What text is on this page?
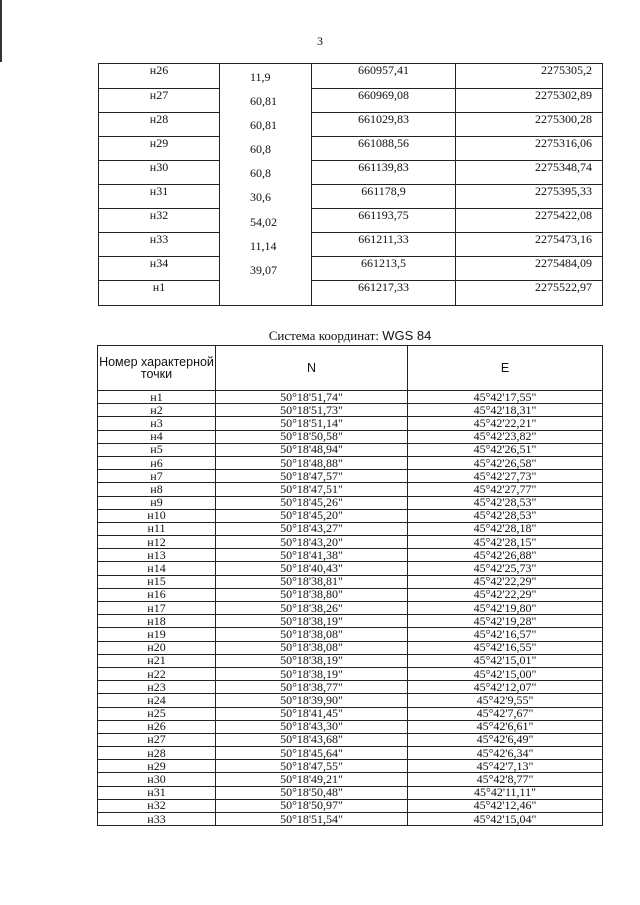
3
н26	11,9	660957,41	2275305,2
н27	60,81	660969,08	2275302,89
н28	60,81	661029,83	2275300,28
н29	60,8	661088,56	2275316,06
н30	60,8	661139,83	2275348,74
н31	30,6	661178,9	2275395,33
н32	54,02	661193,75	2275422,08
н33	11,14	661211,33	2275473,16
н34	39,07	661213,5	2275484,09
н1		661217,33	2275522,97
Система координат: WGS 84
Номер характерной точки	N	E
н1	50°18'51,74"	45°42'17,55"
н2	50°18'51,73"	45°42'18,31"
н3	50°18'51,14"	45°42'22,21"
н4	50°18'50,58"	45°42'23,82"
н5	50°18'48,94"	45°42'26,51"
н6	50°18'48,88"	45°42'26,58"
н7	50°18'47,57"	45°42'27,73"
н8	50°18'47,51"	45°42'27,77"
н9	50°18'45,26"	45°42'28,53"
н10	50°18'45,20"	45°42'28,53"
н11	50°18'43,27"	45°42'28,18"
н12	50°18'43,20"	45°42'28,15"
н13	50°18'41,38"	45°42'26,88"
н14	50°18'40,43"	45°42'25,73"
н15	50°18'38,81"	45°42'22,29"
н16	50°18'38,80"	45°42'22,29"
н17	50°18'38,26"	45°42'19,80"
н18	50°18'38,19"	45°42'19,28"
н19	50°18'38,08"	45°42'16,57"
н20	50°18'38,08"	45°42'16,55"
н21	50°18'38,19"	45°42'15,01"
н22	50°18'38,19"	45°42'15,00"
н23	50°18'38,77"	45°42'12,07"
н24	50°18'39,90"	45°42'9,55"
н25	50°18'41,45"	45°42'7,67"
н26	50°18'43,30"	45°42'6,61"
н27	50°18'43,68"	45°42'6,49"
н28	50°18'45,64"	45°42'6,34"
н29	50°18'47,55"	45°42'7,13"
н30	50°18'49,21"	45°42'8,77"
н31	50°18'50,48"	45°42'11,11"
н32	50°18'50,97"	45°42'12,46"
н33	50°18'51,54"	45°42'15,04"
